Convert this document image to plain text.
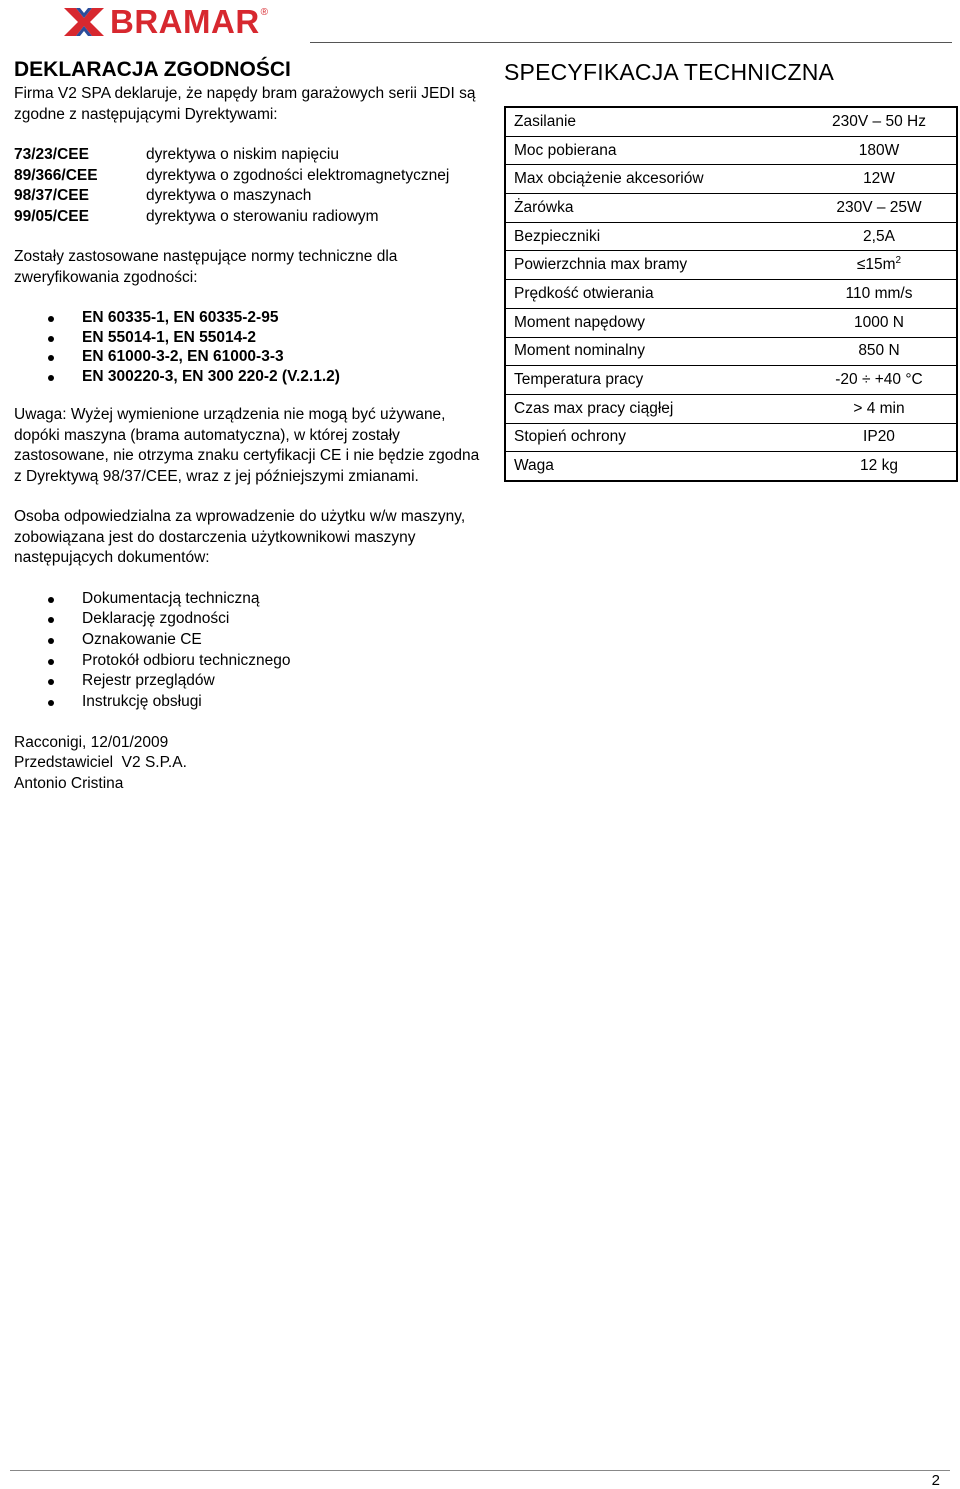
BRAMAR ®
DEKLARACJA ZGODNOŚCI

Firma V2 SPA deklaruje, że napędy bram garażowych serii JEDI są zgodne z następującymi Dyrektywami:

73/23/CEE	dyrektywa o niskim napięciu
89/366/CEE	dyrektywa o zgodności elektromagnetycznej
98/37/CEE	dyrektywa o maszynach
99/05/CEE	dyrektywa o sterowaniu radiowym

Zostały zastosowane następujące normy techniczne dla zweryfikowania zgodności:

EN 60335-1, EN 60335-2-95
EN 55014-1, EN 55014-2
EN 61000-3-2, EN 61000-3-3
EN 300220-3, EN 300 220-2 (V.2.1.2)

Uwaga: Wyżej wymienione urządzenia nie mogą być używane, dopóki maszyna (brama automatyczna), w której zostały zastosowane, nie otrzyma znaku certyfikacji CE i nie będzie zgodna z Dyrektywą 98/37/CEE, wraz z jej późniejszymi zmianami.

Osoba odpowiedzialna za wprowadzenie do użytku w/w maszyny, zobowiązana jest do dostarczenia użytkownikowi maszyny następujących dokumentów:

Dokumentacją techniczną
Deklarację zgodności
Oznakowanie CE
Protokół odbioru technicznego
Rejestr przeglądów
Instrukcję obsługi

Racconigi, 12/01/2009

Przedstawiciel  V2 S.P.A.

Antonio Cristina

SPECYFIKACJA TECHNICZNA
Zasilanie	230V – 50 Hz
Moc pobierana	180W
Max obciążenie akcesoriów	12W
Żarówka	230V – 25W
Bezpieczniki	2,5A
Powierzchnia max bramy	$\le 15m^2$
Prędkość otwierania	110 mm/s
Moment napędowy	1000 N
Moment nominalny	850 N
Temperatura pracy	-20 ÷ +40 °C
Czas max pracy ciągłej	> 4 min
Stopień ochrony	IP20
Waga	12 kg
2
